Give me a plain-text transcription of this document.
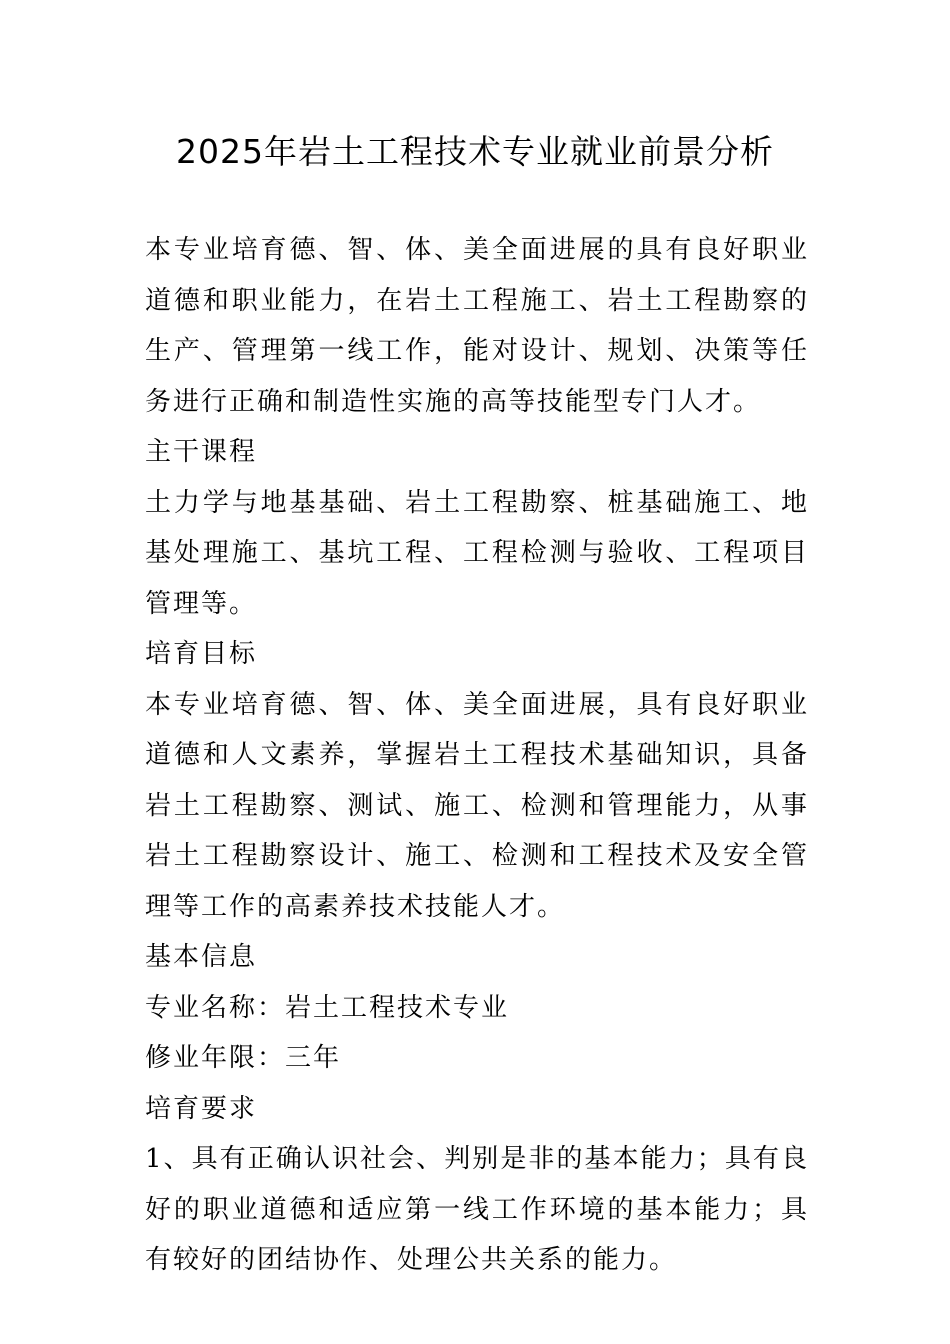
2025年岩土工程技术专业就业前景分析

本专业培育德、智、体、美全面进展的具有良好职业道德和职业能力，在岩土工程施工、岩土工程勘察的生产、管理第一线工作，能对设计、规划、决策等任务进行正确和制造性实施的高等技能型专门人才。

主干课程

土力学与地基基础、岩土工程勘察、桩基础施工、地基处理施工、基坑工程、工程检测与验收、工程项目管理等。

培育目标

本专业培育德、智、体、美全面进展，具有良好职业道德和人文素养，掌握岩土工程技术基础知识，具备岩土工程勘察、测试、施工、检测和管理能力，从事岩土工程勘察设计、施工、检测和工程技术及安全管理等工作的高素养技术技能人才。

基本信息

专业名称：岩土工程技术专业

修业年限：三年

培育要求

1、具有正确认识社会、判别是非的基本能力；具有良好的职业道德和适应第一线工作环境的基本能力；具有较好的团结协作、处理公共关系的能力。
